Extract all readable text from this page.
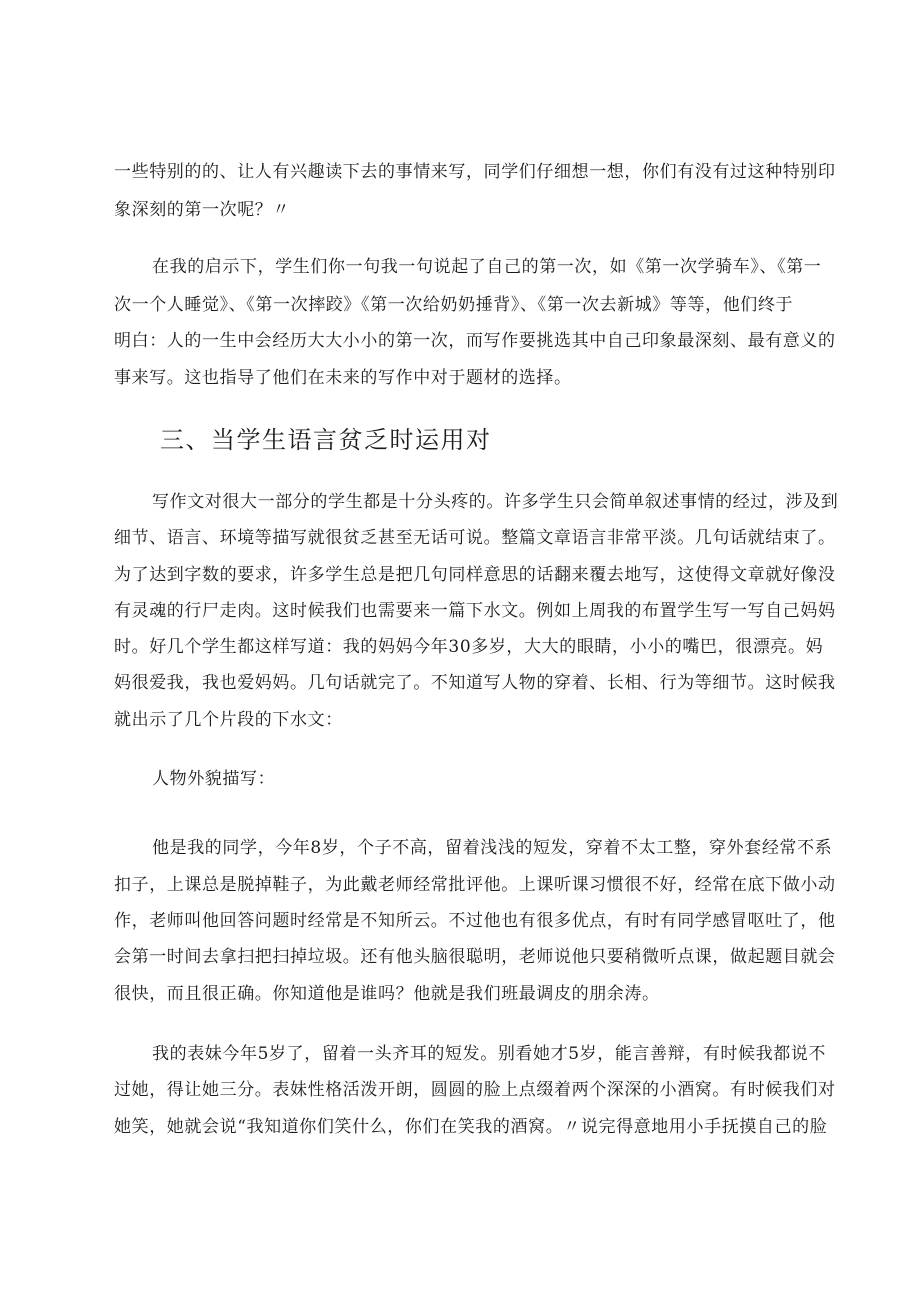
一些特别的的、让人有兴趣读下去的事情来写，同学们仔细想一想，你们有没有过这种特别印
象深刻的第一次呢？〃
在我的启示下，学生们你一句我一句说起了自己的第一次，如《第一次学骑车》、《第一
次一个人睡觉》、《第一次摔跤》《第一次给奶奶捶背》、《第一次去新城》等等，他们终于
明白：人的一生中会经历大大小小的第一次，而写作要挑选其中自己印象最深刻、最有意义的
事来写。这也指导了他们在未来的写作中对于题材的选择。
三、当学生语言贫乏时运用对
写作文对很大一部分的学生都是十分头疼的。许多学生只会简单叙述事情的经过，涉及到
细节、语言、环境等描写就很贫乏甚至无话可说。整篇文章语言非常平淡。几句话就结束了。
为了达到字数的要求，许多学生总是把几句同样意思的话翻来覆去地写，这使得文章就好像没
有灵魂的行尸走肉。这时候我们也需要来一篇下水文。例如上周我的布置学生写一写自己妈妈
时。好几个学生都这样写道：我的妈妈今年30多岁，大大的眼睛，小小的嘴巴，很漂亮。妈
妈很爱我，我也爱妈妈。几句话就完了。不知道写人物的穿着、长相、行为等细节。这时候我
就出示了几个片段的下水文：
人物外貌描写：
他是我的同学，今年8岁，个子不高，留着浅浅的短发，穿着不太工整，穿外套经常不系
扣子，上课总是脱掉鞋子，为此戴老师经常批评他。上课听课习惯很不好，经常在底下做小动
作，老师叫他回答问题时经常是不知所云。不过他也有很多优点，有时有同学感冒呕吐了，他
会第一时间去拿扫把扫掉垃圾。还有他头脑很聪明，老师说他只要稍微听点课，做起题目就会
很快，而且很正确。你知道他是谁吗？他就是我们班最调皮的朋余涛。
我的表妹今年5岁了，留着一头齐耳的短发。别看她才5岁，能言善辩，有时候我都说不
过她，得让她三分。表妹性格活泼开朗，圆圆的脸上点缀着两个深深的小酒窝。有时候我们对
她笑，她就会说“我知道你们笑什么，你们在笑我的酒窝。〃说完得意地用小手抚摸自己的脸
